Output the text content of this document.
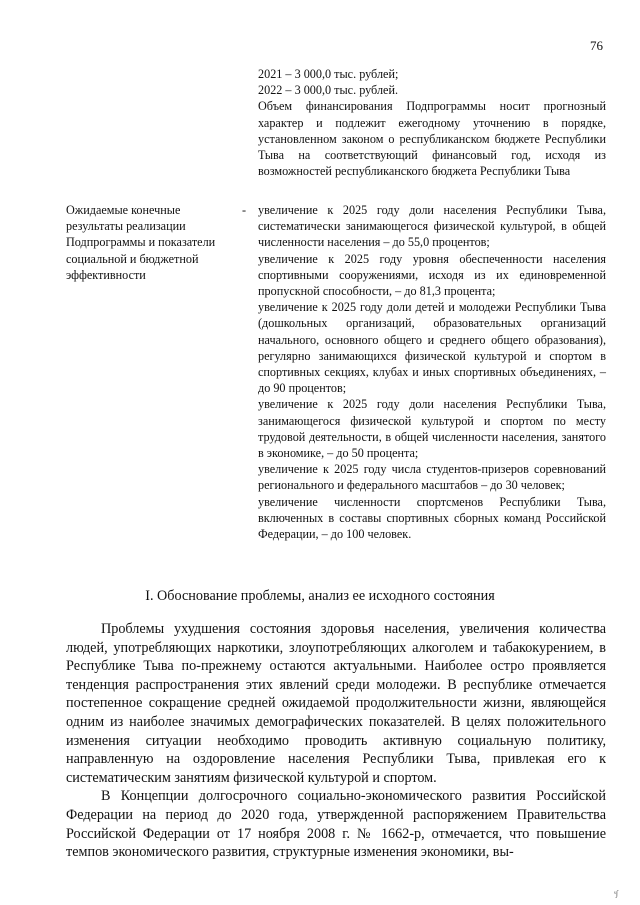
76

2021 – 3 000,0 тыс. рублей;

2022 – 3 000,0 тыс. рублей.

Объем финансирования Подпрограммы носит прогнозный характер и подлежит ежегодному уточнению в порядке, установленном законом о республиканском бюджете Республики Тыва на соответствующий финансовый год, исходя из возможностей республиканского бюджета Республики Тыва

Ожидаемые конечные результаты реализации Подпрограммы и показатели социальной и бюджетной эффективности
- увеличение к 2025 году доли населения Республики Тыва, систематически занимающегося физической культурой, в общей численности населения – до 55,0 процентов;

увеличение к 2025 году уровня обеспеченности населения спортивными сооружениями, исходя из их единовременной пропускной способности, – до 81,3 процента;

увеличение к 2025 году доли детей и молодежи Республики Тыва (дошкольных организаций, образовательных организаций начального, основного общего и среднего общего образования), регулярно занимающихся физической культурой и спортом в спортивных секциях, клубах и иных спортивных объединениях, – до 90 процентов;

увеличение к 2025 году доли населения Республики Тыва, занимающегося физической культурой и спортом по месту трудовой деятельности, в общей численности населения, занятого в экономике, – до 50 процента;

увеличение к 2025 году числа студентов-призеров соревнований регионального и федерального масштабов – до 30 человек;

увеличение численности спортсменов Республики Тыва, включенных в составы спортивных сборных команд Российской Федерации, – до 100 человек.

I. Обоснование проблемы, анализ ее исходного состояния

Проблемы ухудшения состояния здоровья населения, увеличения количества людей, употребляющих наркотики, злоупотребляющих алкоголем и табакокурением, в Республике Тыва по-прежнему остаются актуальными. Наиболее остро проявляется тенденция распространения этих явлений среди молодежи. В республике отмечается постепенное сокращение средней ожидаемой продолжительности жизни, являющейся одним из наиболее значимых демографических показателей. В целях положительного изменения ситуации необходимо проводить активную социальную политику, направленную на оздоровление населения Республики Тыва, привлекая его к систематическим занятиям физической культурой и спортом.

В Концепции долгосрочного социально-экономического развития Российской Федерации на период до 2020 года, утвержденной распоряжением Правительства Российской Федерации от 17 ноября 2008 г. № 1662-р, отмечается, что повышение темпов экономического развития, структурные изменения экономики, вы-

ˢ∫
